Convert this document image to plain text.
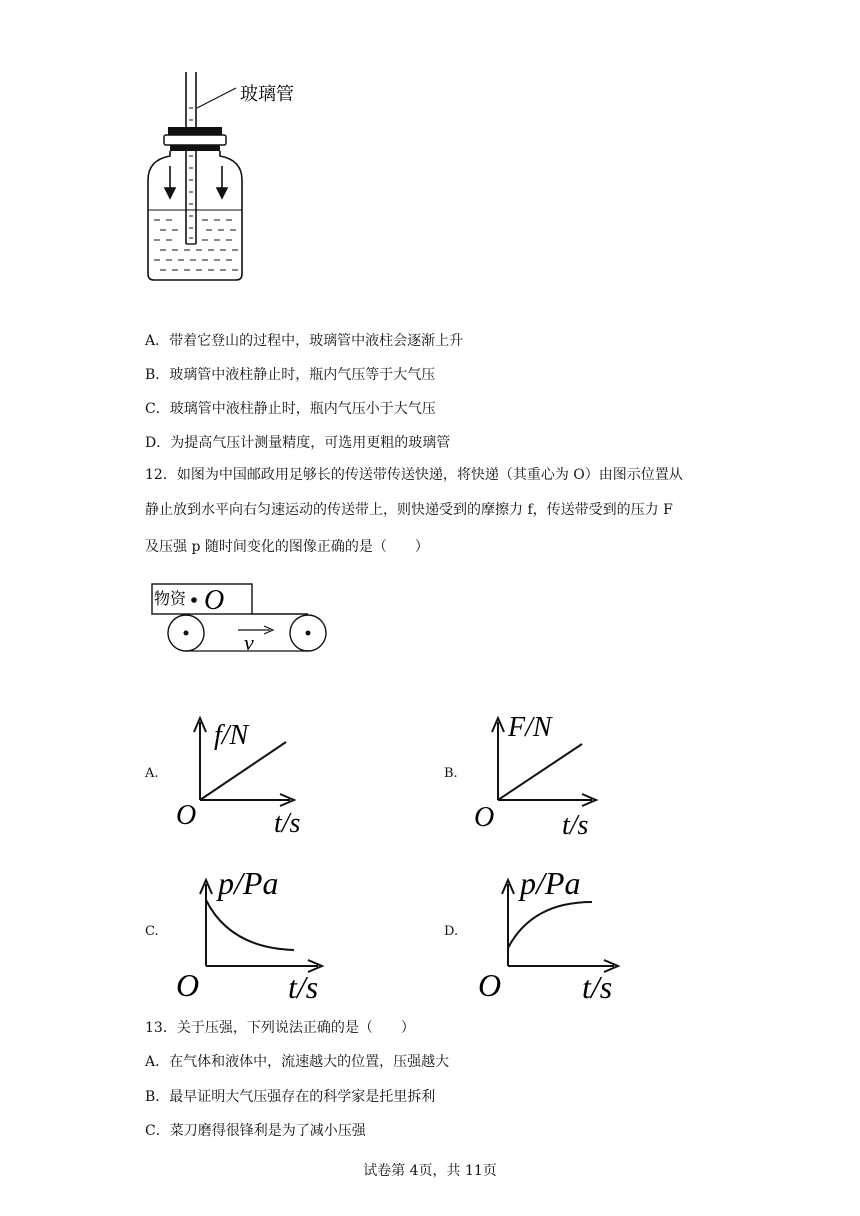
玻璃管
A．带着它登山的过程中，玻璃管中液柱会逐渐上升
B．玻璃管中液柱静止时，瓶内气压等于大气压
C．玻璃管中液柱静止时，瓶内气压小于大气压
D．为提高气压计测量精度，可选用更粗的玻璃管
12．如图为中国邮政用足够长的传送带传送快递，将快递（其重心为 O）由图示位置从
静止放到水平向右匀速运动的传送带上，则快递受到的摩擦力 f，传送带受到的压力 F
及压强 p 随时间变化的图像正确的是（　　）
物资 O
v
A.
f/N
O	t/s
B.
F/N
O t/s
C.
p/Pa
O	t/s
D.
p/Pa
O	t/s
13．关于压强，下列说法正确的是（　　）
A．在气体和液体中，流速越大的位置，压强越大
B．最早证明大气压强存在的科学家是托里拆利
C．菜刀磨得很锋利是为了减小压强
试卷第 4页，共 11页
